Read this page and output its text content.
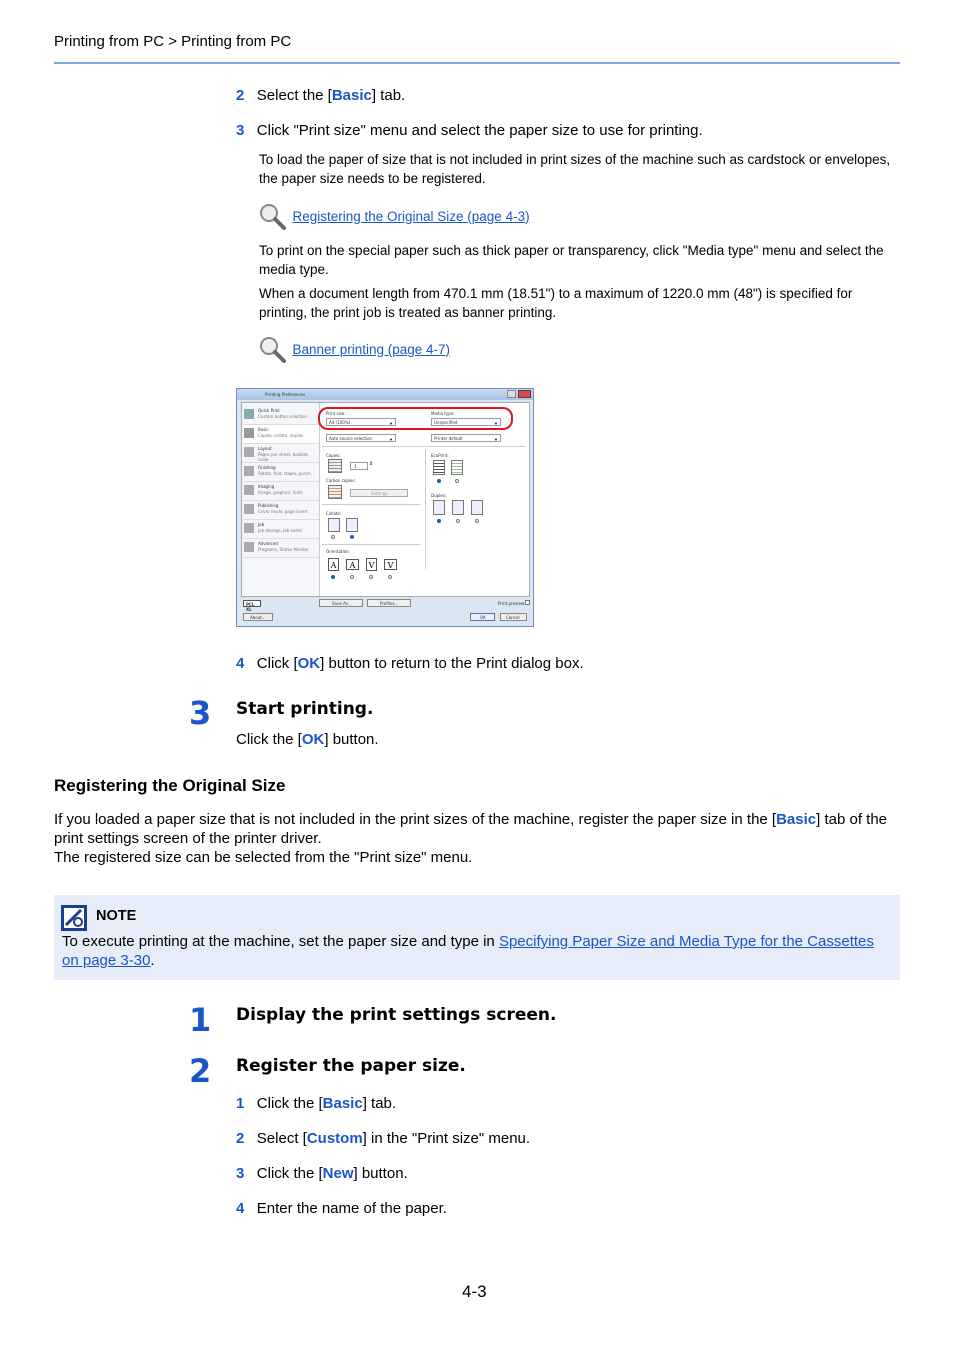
Printing from PC > Printing from PC
2 Select the [Basic] tab.
3 Click "Print size" menu and select the paper size to use for printing.
To load the paper of size that is not included in print sizes of the machine such as cardstock or envelopes, the paper size needs to be registered.
Registering the Original Size (page 4-3)
To print on the special paper such as thick paper or transparency, click "Media type" menu and select the media type.
When a document length from 470.1 mm (18.51") to a maximum of 1220.0 mm (48") is specified for printing, the print job is treated as banner printing.
Banner printing (page 4-7)
Printing Preferences
Quick Print
Custom button selection
Basic
Copies, collate, duplex
Layout
Pages per sheet, booklet, scale
Finishing
Rotate, fold, staple, punch
Imaging
Image, graphics, fonts
Publishing
Cover mode, page insert
Job
Job storage, job name
Advanced
Programs, Status Monitor
Print size:
A4 (100%)	▼
Media type:
Unspecified	▼
Auto source selection	▼	Printer default	▼
Copies:
1 ⇕
Carbon copies:
Settings...
Collate:
Orientation:
A	A	V	V
EcoPrint:
Duplex:
PCL XL
Save As...	Profiles...	Print preview
About...	OK	Cancel
4 Click [OK] button to return to the Print dialog box.
3 Start printing.
Click the [OK] button.
Registering the Original Size
If you loaded a paper size that is not included in the print sizes of the machine, register the paper size in the [Basic] tab of the print settings screen of the printer driver.
The registered size can be selected from the "Print size" menu.
NOTE
To execute printing at the machine, set the paper size and type in Specifying Paper Size and Media Type for the Cassettes on page 3-30.
1 Display the print settings screen.
2 Register the paper size.
1 Click the [Basic] tab.
2 Select [Custom] in the "Print size" menu.
3 Click the [New] button.
4 Enter the name of the paper.
4-3
